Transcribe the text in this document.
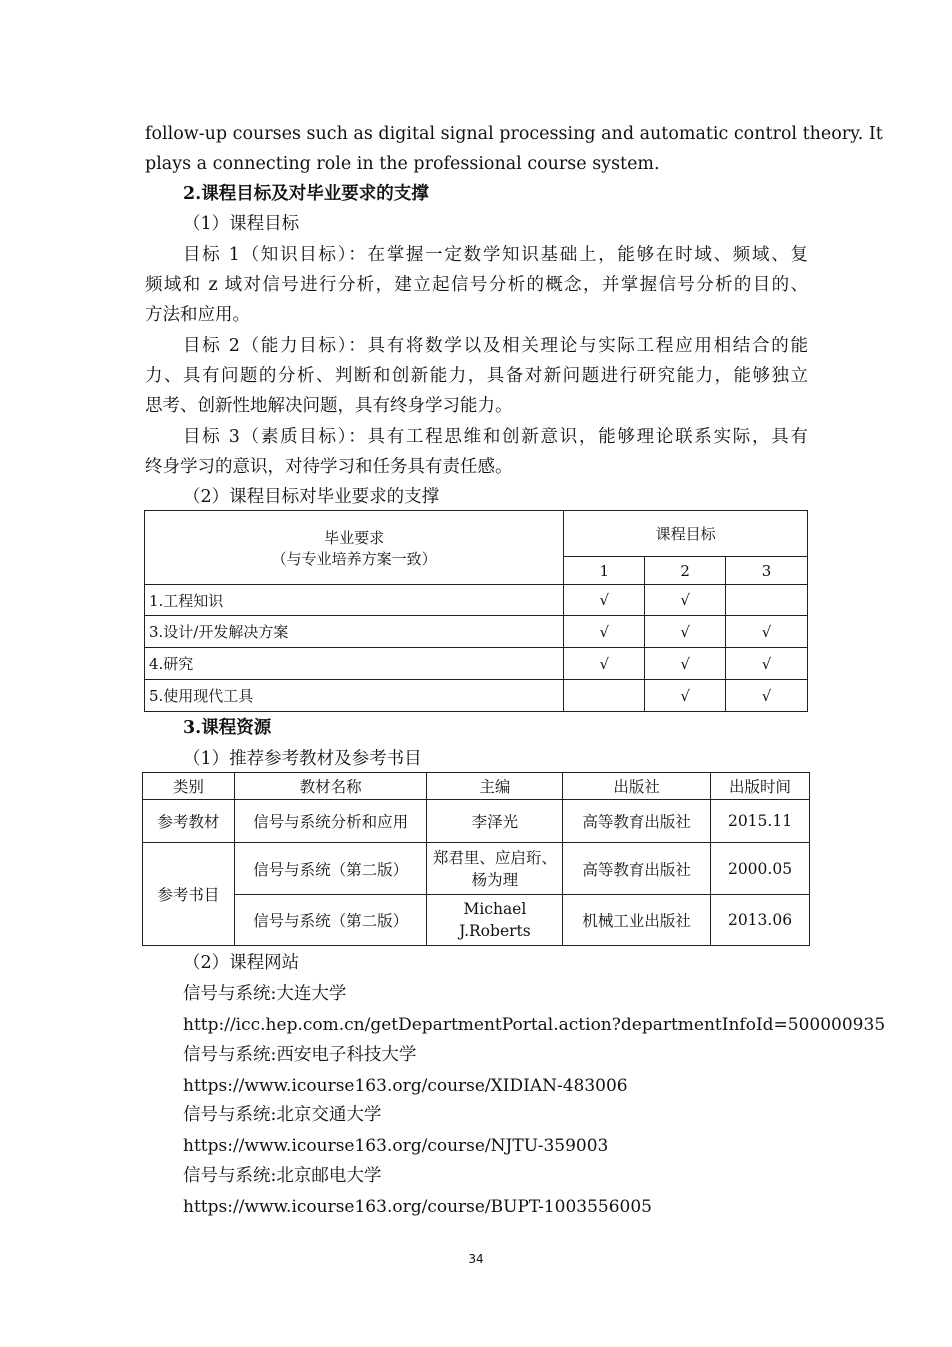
follow-up courses such as digital signal processing and automatic control theory. It
plays a connecting role in the professional course system.
2.课程目标及对毕业要求的支撑
（1）课程目标
目标 1（知识目标）：在掌握一定数学知识基础上，能够在时域、频域、复
频域和 z 域对信号进行分析，建立起信号分析的概念，并掌握信号分析的目的、
方法和应用。
目标 2（能力目标）：具有将数学以及相关理论与实际工程应用相结合的能
力、具有问题的分析、判断和创新能力，具备对新问题进行研究能力，能够独立
思考、创新性地解决问题，具有终身学习能力。
目标 3（素质目标）：具有工程思维和创新意识，能够理论联系实际，具有
终身学习的意识，对待学习和任务具有责任感。
（2）课程目标对毕业要求的支撑
毕业要求
（与专业培养方案一致）	课程目标		
	1	2	3
1.工程知识	√	√	
3.设计/开发解决方案	√	√	√
4.研究	√	√	√
5.使用现代工具		√	√
3.课程资源
（1）推荐参考教材及参考书目
类别	教材名称	主编	出版社	出版时间
参考教材	信号与系统分析和应用	李泽光	高等教育出版社	2015.11
参考书目	信号与系统（第二版）	郑君里、应启珩、
杨为理	高等教育出版社	2000.05
	信号与系统（第二版）	Michael
J.Roberts	机械工业出版社	2013.06
（2）课程网站
信号与系统:大连大学
http://icc.hep.com.cn/getDepartmentPortal.action?departmentInfoId=500000935
信号与系统:西安电子科技大学
https://www.icourse163.org/course/XIDIAN-483006
信号与系统:北京交通大学
https://www.icourse163.org/course/NJTU-359003
信号与系统:北京邮电大学
https://www.icourse163.org/course/BUPT-1003556005
34
